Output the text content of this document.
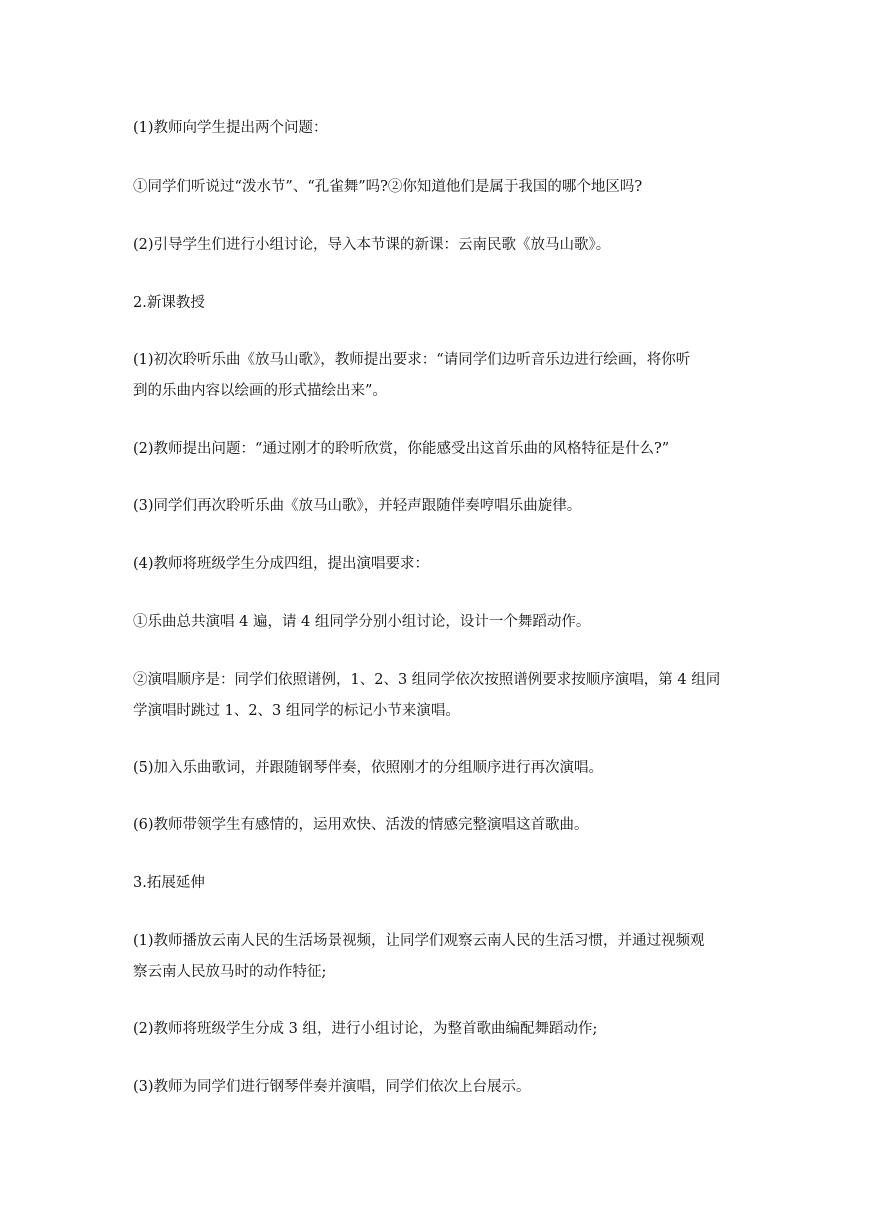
(1)教师向学生提出两个问题：
①同学们听说过“泼水节”、“孔雀舞”吗?②你知道他们是属于我国的哪个地区吗?
(2)引导学生们进行小组讨论，导入本节课的新课：云南民歌《放马山歌》。
2.新课教授
(1)初次聆听乐曲《放马山歌》，教师提出要求：“请同学们边听音乐边进行绘画，将你听
到的乐曲内容以绘画的形式描绘出来”。
(2)教师提出问题：“通过刚才的聆听欣赏，你能感受出这首乐曲的风格特征是什么?”
(3)同学们再次聆听乐曲《放马山歌》，并轻声跟随伴奏哼唱乐曲旋律。
(4)教师将班级学生分成四组，提出演唱要求：
①乐曲总共演唱 4 遍，请 4 组同学分别小组讨论，设计一个舞蹈动作。
②演唱顺序是：同学们依照谱例，1、2、3 组同学依次按照谱例要求按顺序演唱，第 4 组同
学演唱时跳过 1、2、3 组同学的标记小节来演唱。
(5)加入乐曲歌词，并跟随钢琴伴奏，依照刚才的分组顺序进行再次演唱。
(6)教师带领学生有感情的，运用欢快、活泼的情感完整演唱这首歌曲。
3.拓展延伸
(1)教师播放云南人民的生活场景视频，让同学们观察云南人民的生活习惯，并通过视频观
察云南人民放马时的动作特征;
(2)教师将班级学生分成 3 组，进行小组讨论，为整首歌曲编配舞蹈动作;
(3)教师为同学们进行钢琴伴奏并演唱，同学们依次上台展示。
